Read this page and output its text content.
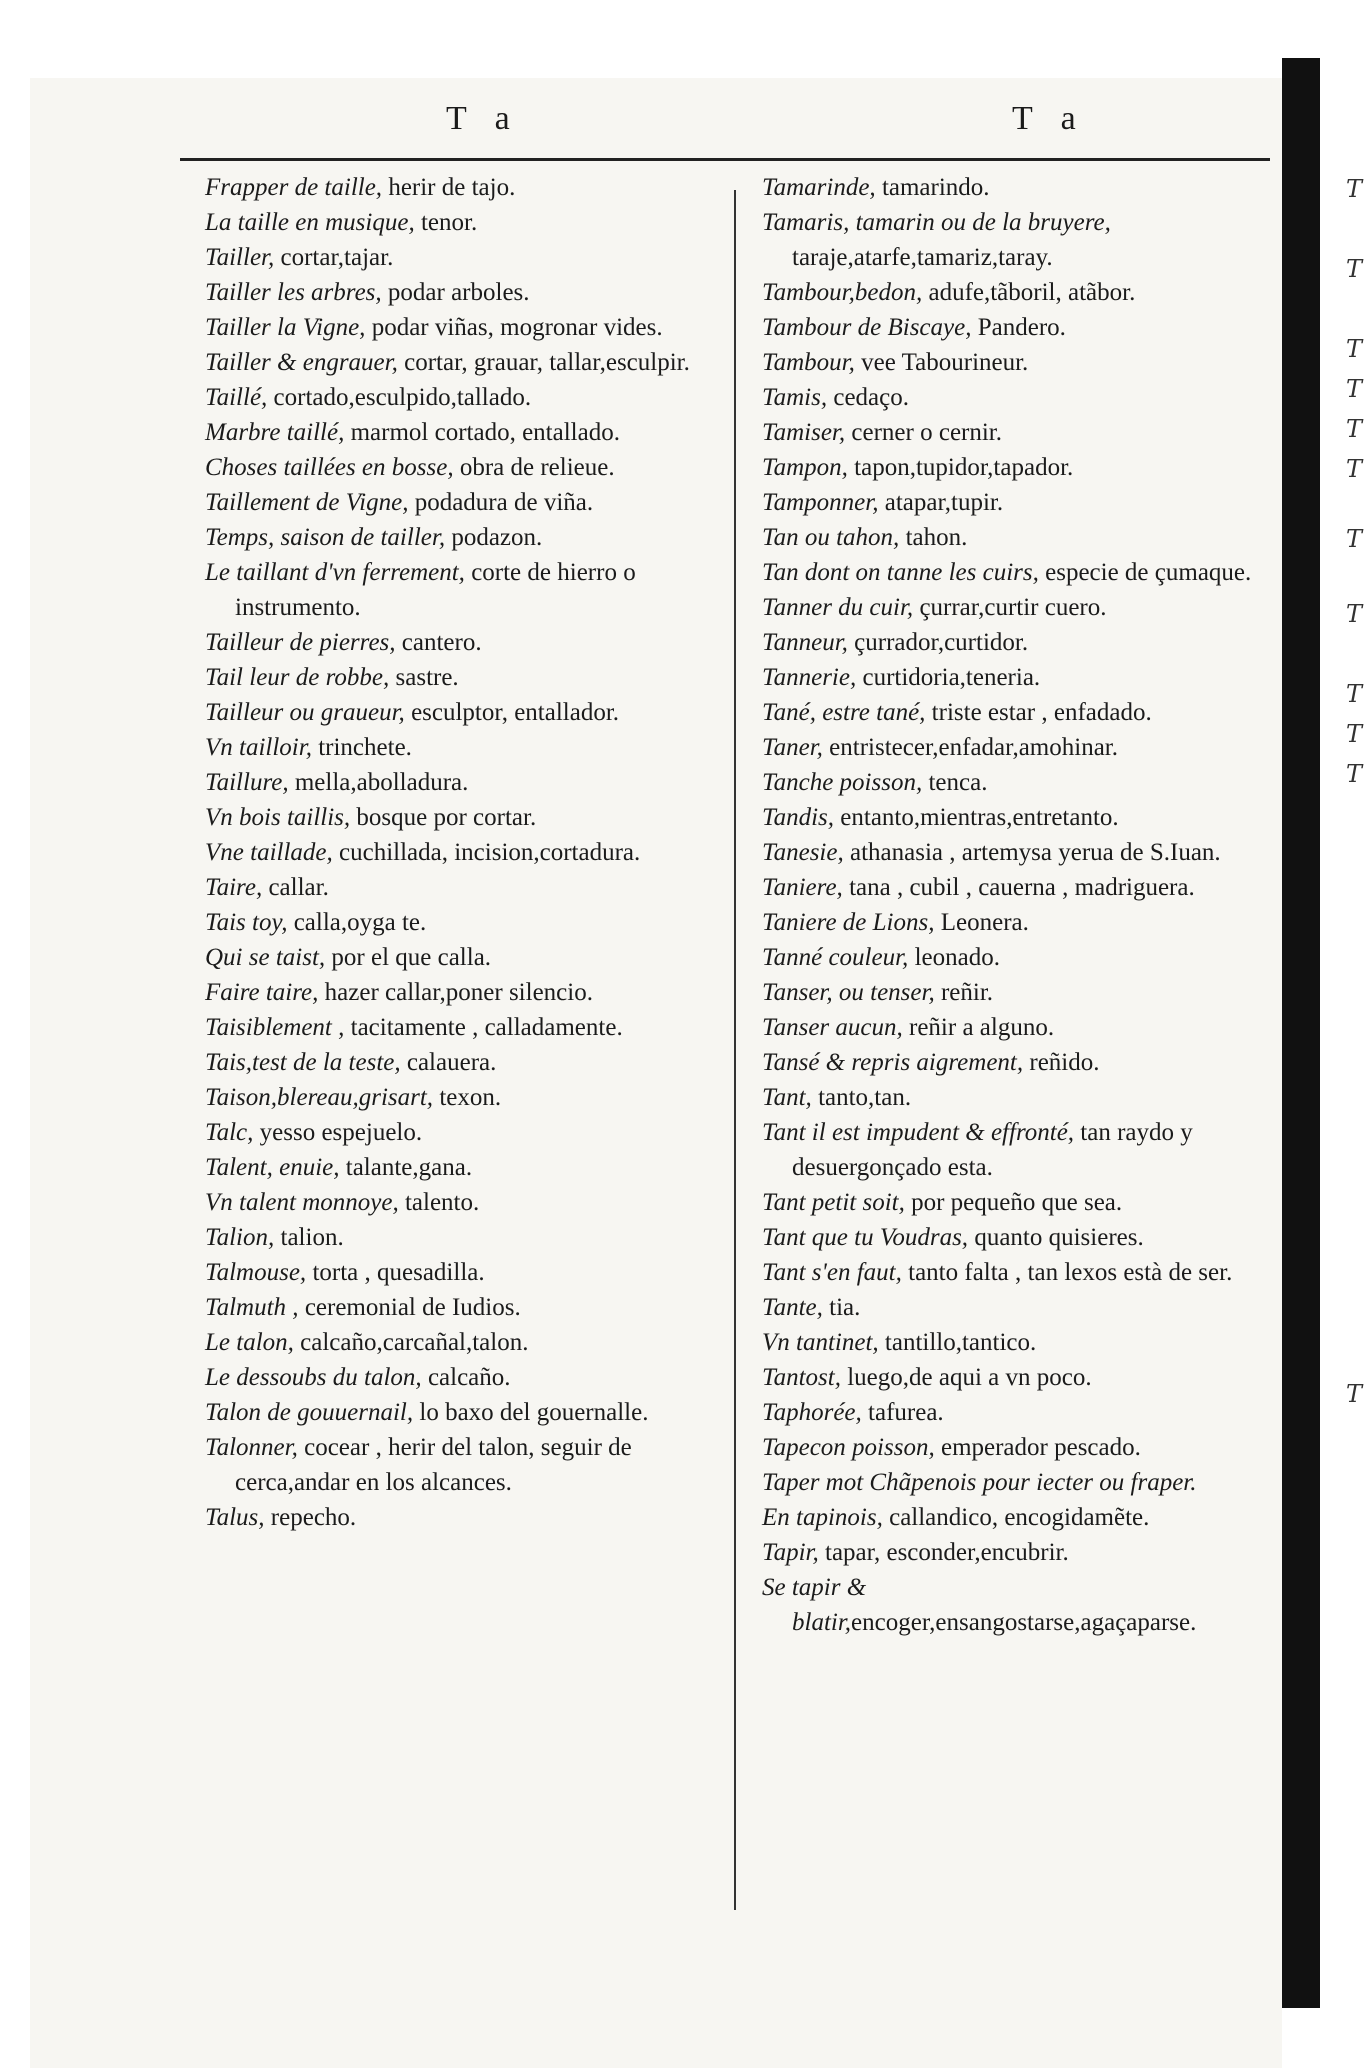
T
T
T
T
T
T
T
T
T
T
T
T
T a	T a
Frapper de taille, herir de tajo.
La taille en musique, tenor.
Tailler, cortar,tajar.
Tailler les arbres, podar arboles.
Tailler la Vigne, podar viñas, mogronar vides.
Tailler & engrauer, cortar, grauar, tallar,esculpir.
Taillé, cortado,esculpido,tallado.
Marbre taillé, marmol cortado, entallado.
Choses taillées en bosse, obra de relieue.
Taillement de Vigne, podadura de viña.
Temps, saison de tailler, podazon.
Le taillant d'vn ferrement, corte de hierro o instrumento.
Tailleur de pierres, cantero.
Tail leur de robbe, sastre.
Tailleur ou graueur, esculptor, entallador.
Vn tailloir, trinchete.
Taillure, mella,abolladura.
Vn bois taillis, bosque por cortar.
Vne taillade, cuchillada, incision,cortadura.
Taire, callar.
Tais toy, calla,oyga te.
Qui se taist, por el que calla.
Faire taire, hazer callar,poner silencio.
Taisiblement , tacitamente , calladamente.
Tais,test de la teste, calauera.
Taison,blereau,grisart, texon.
Talc, yesso espejuelo.
Talent, enuie, talante,gana.
Vn talent monnoye, talento.
Talion, talion.
Talmouse, torta , quesadilla.
Talmuth , ceremonial de Iudios.
Le talon, calcaño,carcañal,talon.
Le dessoubs du talon, calcaño.
Talon de gouuernail, lo baxo del gouernalle.
Talonner, cocear , herir del talon, seguir de cerca,andar en los alcances.
Talus, repecho.
Tamarinde, tamarindo.
Tamaris, tamarin ou de la bruyere, taraje,atarfe,tamariz,taray.
Tambour,bedon, adufe,tãboril, atãbor.
Tambour de Biscaye, Pandero.
Tambour, vee Tabourineur.
Tamis, cedaço.
Tamiser, cerner o cernir.
Tampon, tapon,tupidor,tapador.
Tamponner, atapar,tupir.
Tan ou tahon, tahon.
Tan dont on tanne les cuirs, especie de çumaque.
Tanner du cuir, çurrar,curtir cuero.
Tanneur, çurrador,curtidor.
Tannerie, curtidoria,teneria.
Tané, estre tané, triste estar , enfadado.
Taner, entristecer,enfadar,amohinar.
Tanche poisson, tenca.
Tandis, entanto,mientras,entretanto.
Tanesie, athanasia , artemysa yerua de S.Iuan.
Taniere, tana , cubil , cauerna , madriguera.
Taniere de Lions, Leonera.
Tanné couleur, leonado.
Tanser, ou tenser, reñir.
Tanser aucun, reñir a alguno.
Tansé & repris aigrement, reñido.
Tant, tanto,tan.
Tant il est impudent & effronté, tan raydo y desuergonçado esta.
Tant petit soit, por pequeño que sea.
Tant que tu Voudras, quanto quisieres.
Tant s'en faut, tanto falta , tan lexos està de ser.
Tante, tia.
Vn tantinet, tantillo,tantico.
Tantost, luego,de aqui a vn poco.
Taphorée, tafurea.
Tapecon poisson, emperador pescado.
Taper mot Chãpenois pour iecter ou fraper.
En tapinois, callandico, encogidamẽte.
Tapir, tapar, esconder,encubrir.
Se tapir & blatir,encoger,ensangostarse,agaçaparse.
